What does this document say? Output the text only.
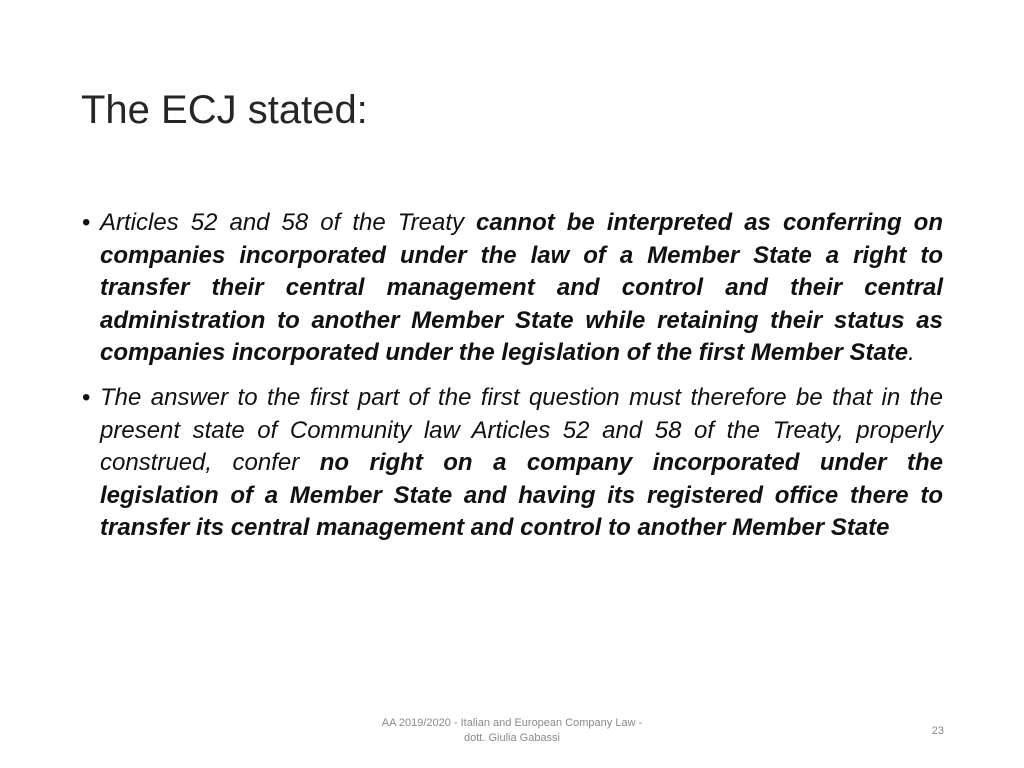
The ECJ stated:

• Articles 52 and 58 of the Treaty cannot be interpreted as conferring on companies incorporated under the law of a Member State a right to transfer their central management and control and their central administration to another Member State while retaining their status as companies incorporated under the legislation of the first Member State.

• The answer to the first part of the first question must therefore be that in the present state of Community law Articles 52 and 58 of the Treaty, properly construed, confer no right on a company incorporated under the legislation of a Member State and having its registered office there to transfer its central management and control to another Member State

AA 2019/2020 - Italian and European Company Law -
dott. Giulia Gabassi
23
